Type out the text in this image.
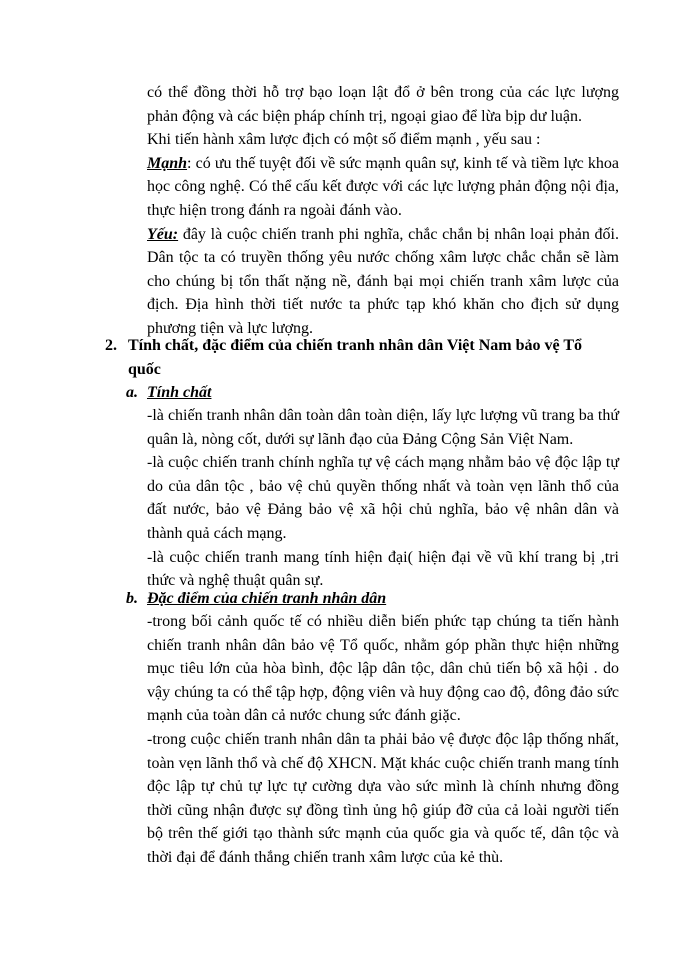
có thể đồng thời hỗ trợ bạo loạn lật đổ ở bên trong của các lực lượng phản động và các biện pháp chính trị, ngoại giao để lừa bịp dư luận.

Khi tiến hành xâm lược địch có một số điểm mạnh , yếu sau :

Mạnh: có ưu thế tuyệt đối về sức mạnh quân sự, kinh tế và tiềm lực khoa học công nghệ. Có thể cấu kết được với các lực lượng phản động nội địa, thực hiện trong đánh ra ngoài đánh vào.

Yếu: đây là cuộc chiến tranh phi nghĩa, chắc chắn bị nhân loại phản đối. Dân tộc ta có truyền thống yêu nước chống xâm lược chắc chắn sẽ làm cho chúng bị tổn thất nặng nề, đánh bại mọi chiến tranh xâm lược của địch. Địa hình thời tiết nước ta phức tạp khó khăn cho địch sử dụng phương tiện và lực lượng.

2. Tính chất, đặc điểm của chiến tranh nhân dân Việt Nam bảo vệ Tổ
quốc
a. Tính chất

-là chiến tranh nhân dân toàn dân toàn diện, lấy lực lượng vũ trang ba thứ quân là, nòng cốt, dưới sự lãnh đạo của Đảng Cộng Sản Việt Nam.

-là cuộc chiến tranh chính nghĩa tự vệ cách mạng nhằm bảo vệ độc lập tự do của dân tộc , bảo vệ chủ quyền thống nhất và toàn vẹn lãnh thổ của đất nước, bảo vệ Đảng bảo vệ xã hội chủ nghĩa, bảo vệ nhân dân và thành quả cách mạng.

-là cuộc chiến tranh mang tính hiện đại( hiện đại về vũ khí trang bị ,tri thức và nghệ thuật quân sự.

b. Đặc điểm của chiến tranh nhân dân

-trong bối cảnh quốc tế có nhiều diễn biến phức tạp chúng ta tiến hành chiến tranh nhân dân bảo vệ Tổ quốc, nhằm góp phần thực hiện những mục tiêu lớn của hòa bình, độc lập dân tộc, dân chủ tiến bộ xã hội . do vậy chúng ta có thể tập hợp, động viên và huy động cao độ, đông đảo sức mạnh của toàn dân cả nước chung sức đánh giặc.

-trong cuộc chiến tranh nhân dân ta phải bảo vệ được độc lập thống nhất, toàn vẹn lãnh thổ và chế độ XHCN. Mặt khác cuộc chiến tranh mang tính độc lập tự chủ tự lực tự cường dựa vào sức mình là chính nhưng đồng thời cũng nhận được sự đồng tình ủng hộ giúp đỡ của cả loài người tiến bộ trên thế giới tạo thành sức mạnh của quốc gia và quốc tế, dân tộc và thời đại để đánh thắng chiến tranh xâm lược của kẻ thù.
